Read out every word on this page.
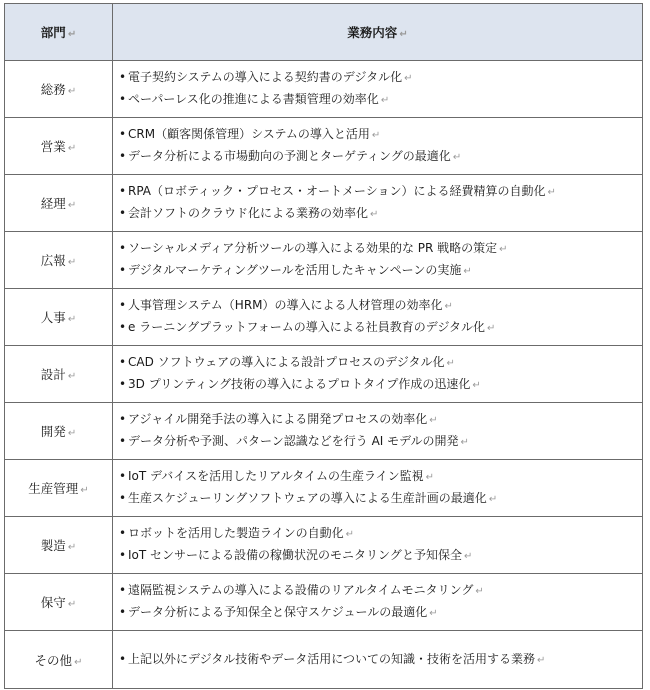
部門 ↵	業務内容 ↵
総務 ↵	• 電子契約システムの導入による契約書のデジタル化 ↵
• ペーパーレス化の推進による書類管理の効率化 ↵

営業 ↵	• CRM（顧客関係管理）システムの導入と活用 ↵
• データ分析による市場動向の予測とターゲティングの最適化 ↵

経理 ↵	• RPA（ロボティック・プロセス・オートメーション）による経費精算の自動化 ↵
• 会計ソフトのクラウド化による業務の効率化 ↵

広報 ↵	• ソーシャルメディア分析ツールの導入による効果的な PR 戦略の策定 ↵
• デジタルマーケティングツールを活用したキャンペーンの実施 ↵

人事 ↵	• 人事管理システム（HRM）の導入による人材管理の効率化 ↵
• e ラーニングプラットフォームの導入による社員教育のデジタル化 ↵

設計 ↵	• CAD ソフトウェアの導入による設計プロセスのデジタル化 ↵
• 3D プリンティング技術の導入によるプロトタイプ作成の迅速化 ↵

開発 ↵	• アジャイル開発手法の導入による開発プロセスの効率化 ↵
• データ分析や予測、パターン認識などを行う AI モデルの開発 ↵

生産管理 ↵	• IoT デバイスを活用したリアルタイムの生産ライン監視 ↵
• 生産スケジューリングソフトウェアの導入による生産計画の最適化 ↵

製造 ↵	• ロボットを活用した製造ラインの自動化 ↵
• IoT センサーによる設備の稼働状況のモニタリングと予知保全 ↵

保守 ↵	• 遠隔監視システムの導入による設備のリアルタイムモニタリング ↵
• データ分析による予知保全と保守スケジュールの最適化 ↵

その他 ↵	• 上記以外にデジタル技術やデータ活用についての知識・技術を活用する業務 ↵
